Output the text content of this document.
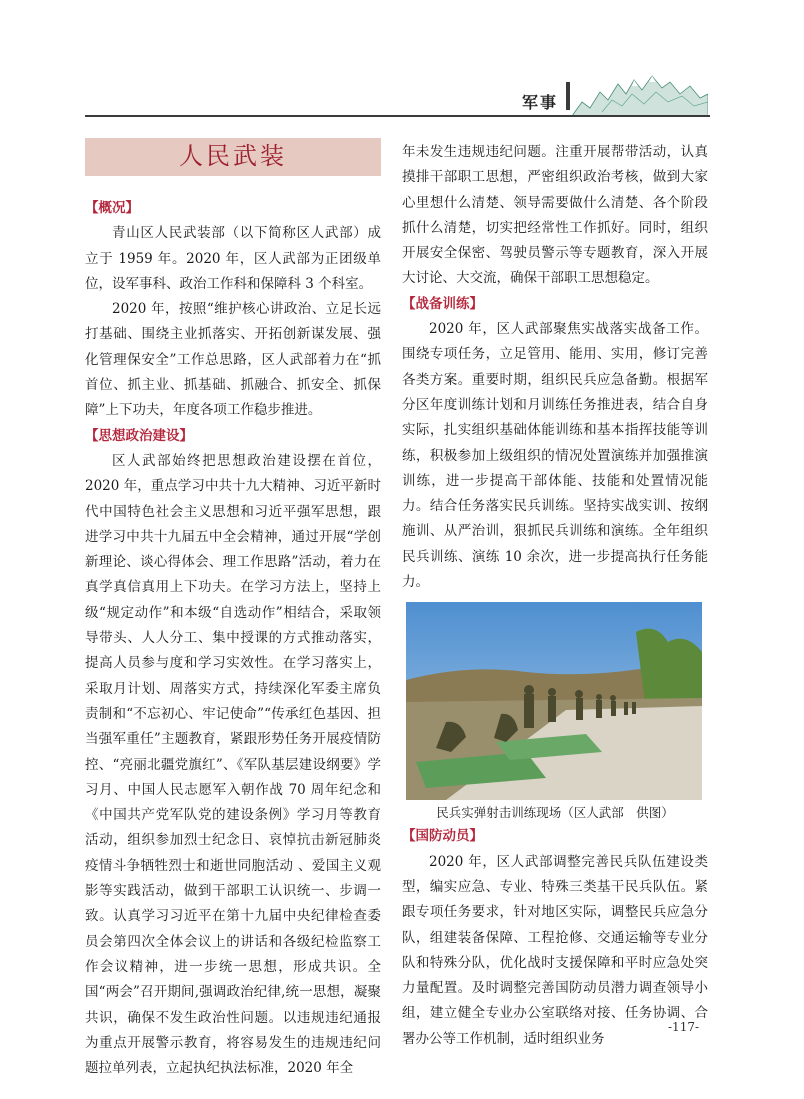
军事
人民武装
【概况】

青山区人民武装部（以下简称区人武部）成立于 1959 年。2020 年，区人武部为正团级单位，设军事科、政治工作科和保障科 3 个科室。

2020 年，按照“维护核心讲政治、立足长远打基础、围绕主业抓落实、开拓创新谋发展、强化管理保安全”工作总思路，区人武部着力在“抓首位、抓主业、抓基础、抓融合、抓安全、抓保障”上下功夫，年度各项工作稳步推进。

【思想政治建设】

区人武部始终把思想政治建设摆在首位，2020 年，重点学习中共十九大精神、习近平新时代中国特色社会主义思想和习近平强军思想，跟进学习中共十九届五中全会精神，通过开展“学创新理论、谈心得体会、理工作思路”活动，着力在真学真信真用上下功夫。在学习方法上，坚持上级“规定动作”和本级“自选动作”相结合，采取领导带头、人人分工、集中授课的方式推动落实，提高人员参与度和学习实效性。在学习落实上，采取月计划、周落实方式，持续深化军委主席负责制和“不忘初心、牢记使命”“传承红色基因、担当强军重任”主题教育，紧跟形势任务开展疫情防控、“亮丽北疆党旗红”、《军队基层建设纲要》学习月、中国人民志愿军入朝作战 70 周年纪念和《中国共产党军队党的建设条例》学习月等教育活动，组织参加烈士纪念日、哀悼抗击新冠肺炎疫情斗争牺牲烈士和逝世同胞活动 、爱国主义观影等实践活动，做到干部职工认识统一、步调一致。认真学习习近平在第十九届中央纪律检查委员会第四次全体会议上的讲话和各级纪检监察工作会议精神，进一步统一思想，形成共识。全国“两会”召开期间,强调政治纪律,统一思想，凝聚共识，确保不发生政治性问题。以违规违纪通报为重点开展警示教育，将容易发生的违规违纪问题拉单列表，立起执纪执法标准，2020 年全

年未发生违规违纪问题。注重开展帮带活动，认真摸排干部职工思想，严密组织政治考核，做到大家心里想什么清楚、领导需要做什么清楚、各个阶段抓什么清楚，切实把经常性工作抓好。同时，组织开展安全保密、驾驶员警示等专题教育，深入开展大讨论、大交流，确保干部职工思想稳定。

【战备训练】

2020 年，区人武部聚焦实战落实战备工作。围绕专项任务，立足管用、能用、实用，修订完善各类方案。重要时期，组织民兵应急备勤。根据军分区年度训练计划和月训练任务推进表，结合自身实际，扎实组织基础体能训练和基本指挥技能等训练，积极参加上级组织的情况处置演练并加强推演训练，进一步提高干部体能、技能和处置情况能力。结合任务落实民兵训练。坚持实战实训、按纲施训、从严治训，狠抓民兵训练和演练。全年组织民兵训练、演练 10 余次，进一步提高执行任务能力。

民兵实弹射击训练现场（区人武部　供图）
【国防动员】

2020 年，区人武部调整完善民兵队伍建设类型，编实应急、专业、特殊三类基干民兵队伍。紧跟专项任务要求，针对地区实际，调整民兵应急分队，组建装备保障、工程抢修、交通运输等专业分队和特殊分队，优化战时支援保障和平时应急处突力量配置。及时调整完善国防动员潜力调查领导小组，建立健全专业办公室联络对接、任务协调、合署办公等工作机制，适时组织业务

-117-
